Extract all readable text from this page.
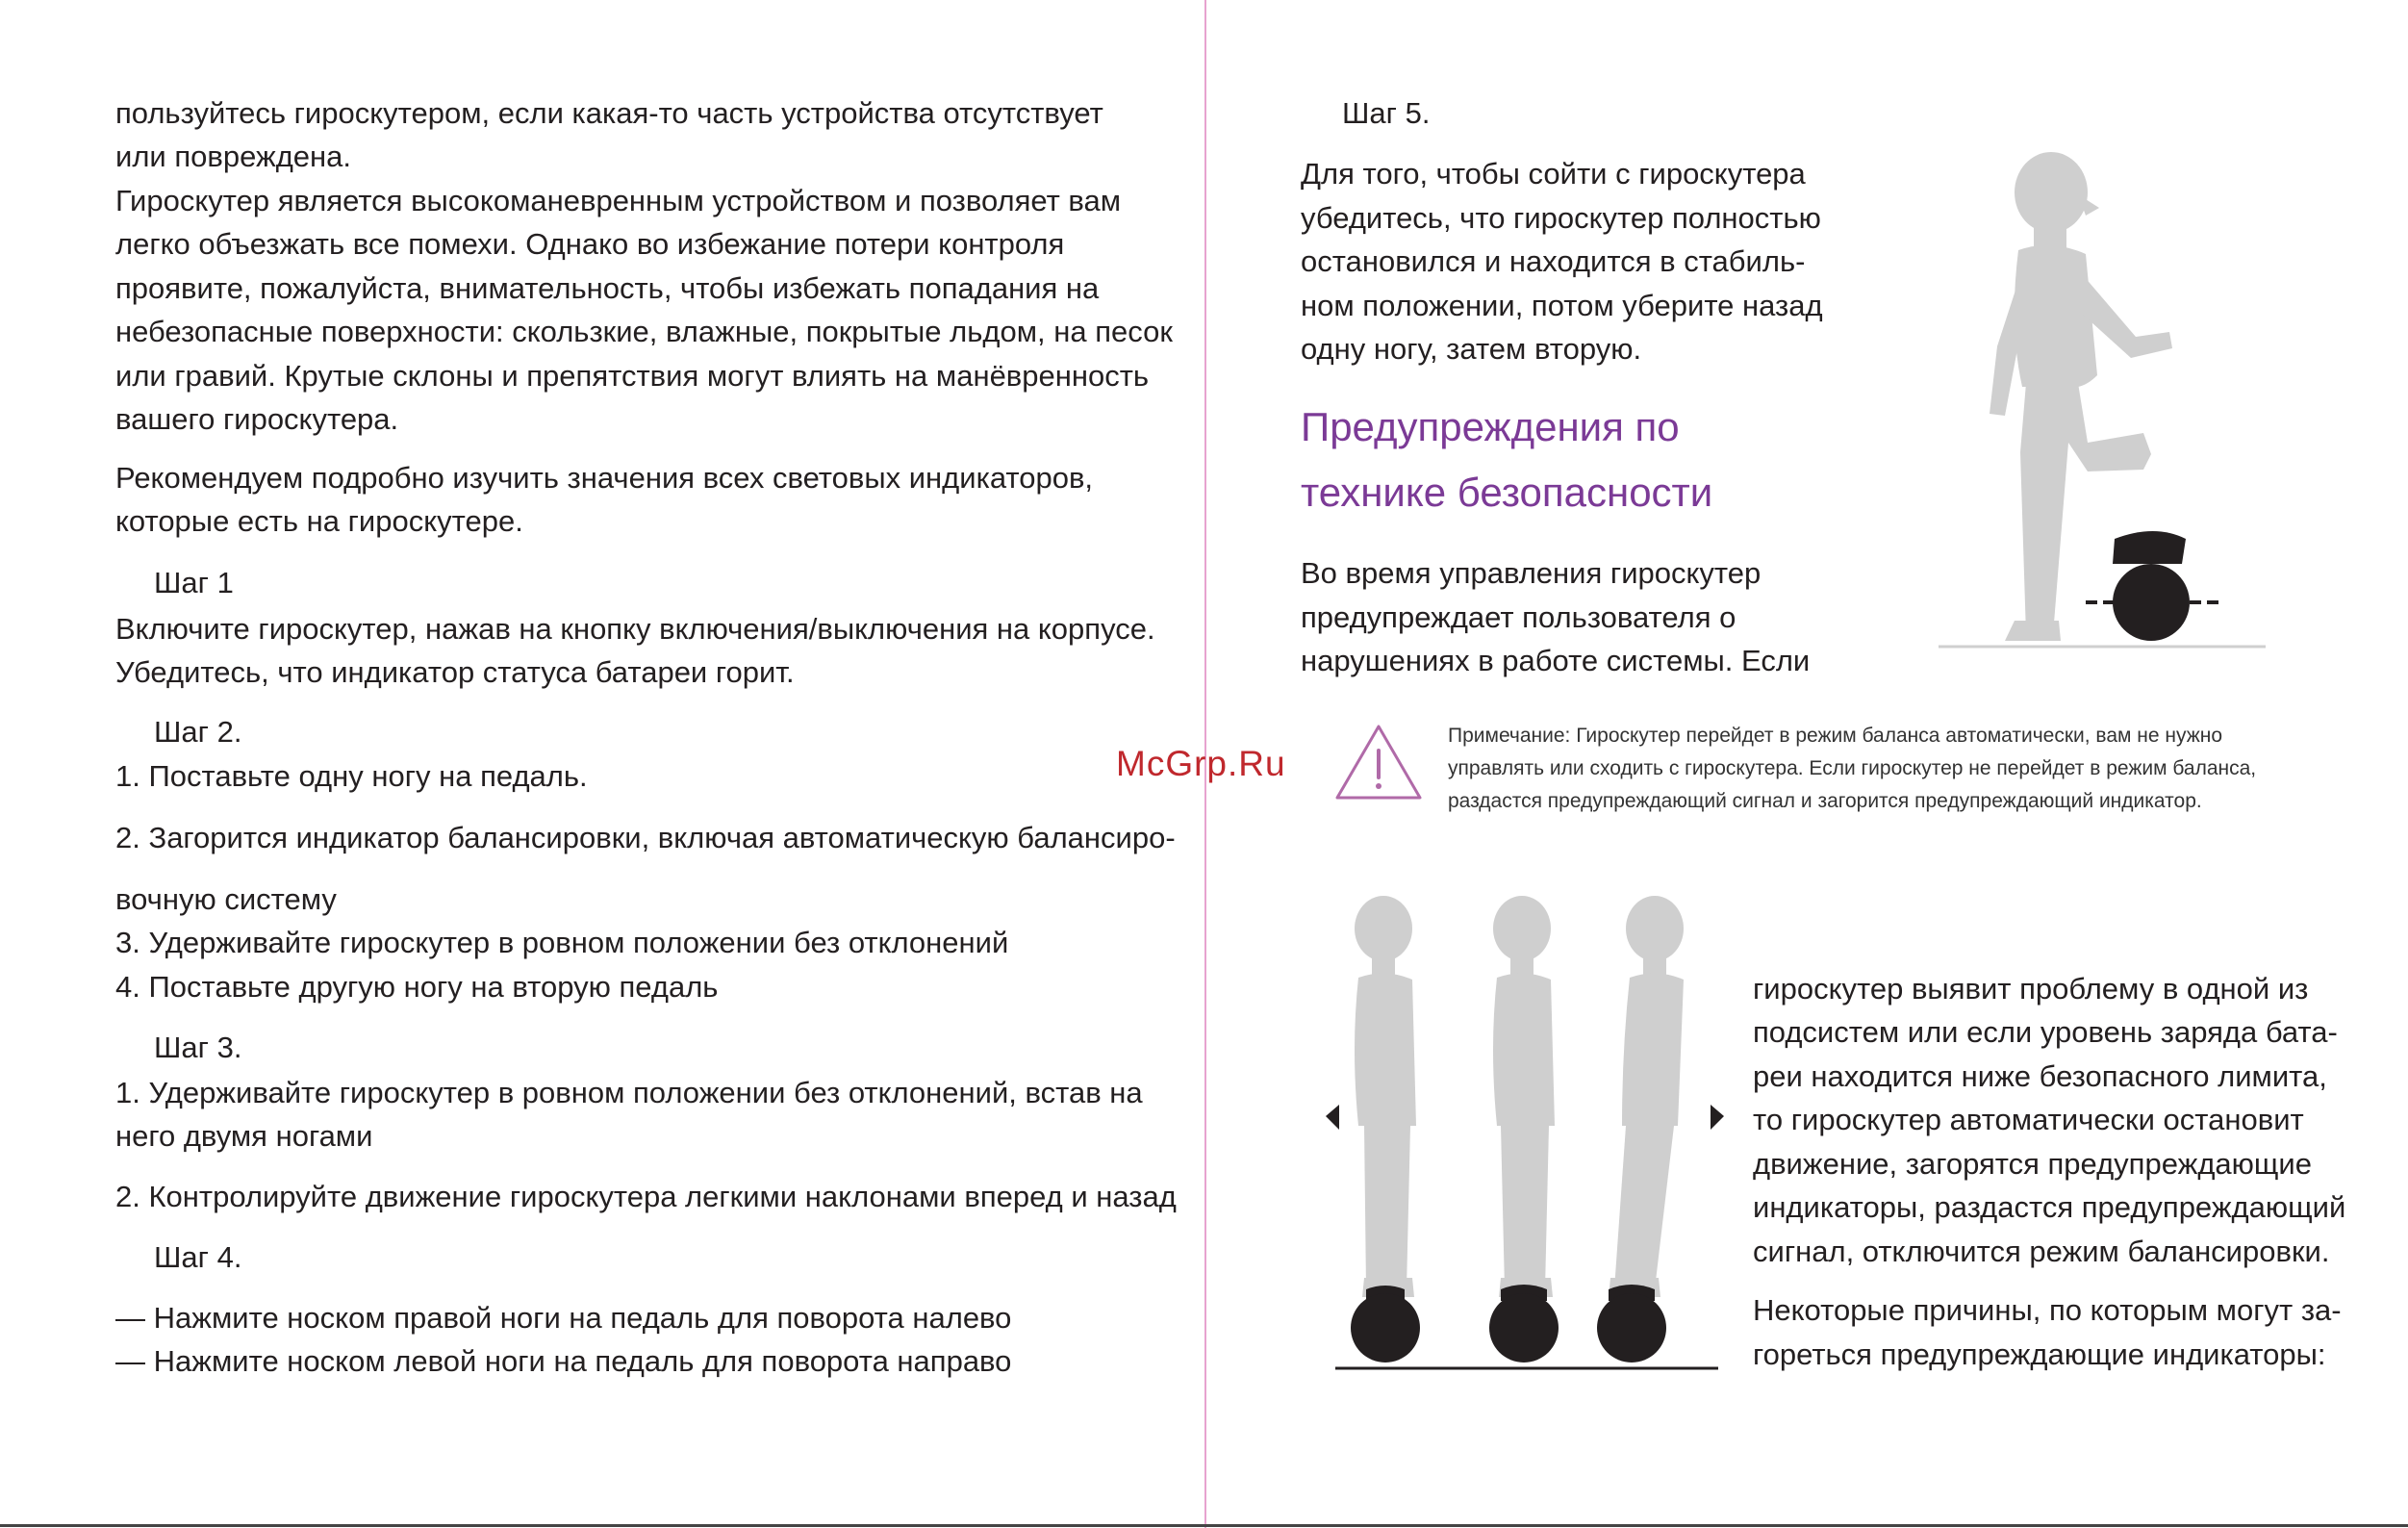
пользуйтесь гироскутером, если какая-то часть устройства отсутствует

или повреждена.

Гироскутер является высокоманевренным устройством и позволяет вам

легко объезжать все помехи. Однако во избежание потери контроля

проявите, пожалуйста, внимательность, чтобы избежать попадания на

небезопасные поверхности: скользкие, влажные, покрытые льдом, на песок

или гравий. Крутые склоны и препятствия могут влиять на манёвренность

вашего гироскутера.

Рекомендуем подробно изучить значения всех световых индикаторов,

которые есть на гироскутере.

Шаг 1

Включите гироскутер, нажав на кнопку включения/выключения на корпусе.

Убедитесь, что индикатор статуса батареи горит.

Шаг 2.

1. Поставьте одну ногу на педаль.

2. Загорится индикатор балансировки, включая автоматическую балансиро-

вочную систему

3. Удерживайте гироскутер в ровном положении без отклонений

4. Поставьте другую ногу на вторую педаль

Шаг 3.

1. Удерживайте гироскутер в ровном положении без отклонений, встав на

него двумя ногами

2. Контролируйте движение гироскутера легкими наклонами вперед и назад

Шаг 4.

— Нажмите носком правой ноги на педаль для поворота налево

— Нажмите носком левой ноги на педаль для поворота направо

Шаг 5.

Для того, чтобы сойти с гироскутера

убедитесь, что гироскутер полностью

остановился и находится в стабиль-

ном положении, потом уберите назад

одну ногу, затем вторую.

Предупреждения по

технике безопасности

Во время управления гироскутер

предупреждает пользователя о

нарушениях в работе системы. Если

Примечание: Гироскутер перейдет в режим баланса автоматически, вам не нужно

управлять или сходить с гироскутера. Если гироскутер не перейдет в режим баланса,

раздастся предупреждающий сигнал и загорится предупреждающий индикатор.

гироскутер выявит проблему в одной из

подсистем или если уровень заряда бата-

реи находится ниже безопасного лимита,

то гироскутер автоматически остановит

движение, загорятся предупреждающие

индикаторы, раздастся предупреждающий

сигнал, отключится режим балансировки.

Некоторые причины, по которым могут за-

гореться предупреждающие индикаторы:

McGrp.Ru
